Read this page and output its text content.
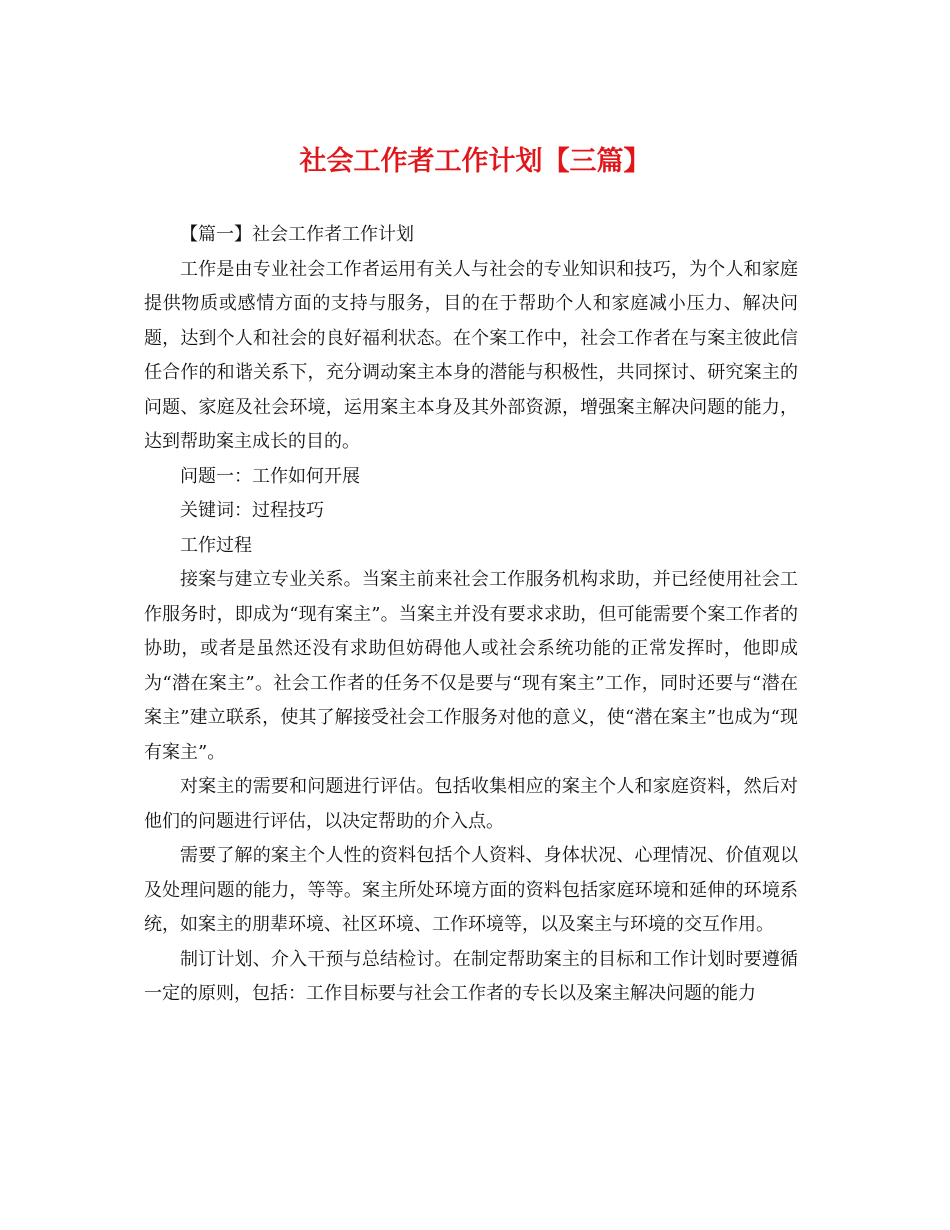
社会工作者工作计划【三篇】

【篇一】社会工作者工作计划

工作是由专业社会工作者运用有关人与社会的专业知识和技巧，为个人和家庭提供物质或感情方面的支持与服务，目的在于帮助个人和家庭减小压力、解决问题，达到个人和社会的良好福利状态。在个案工作中，社会工作者在与案主彼此信任合作的和谐关系下，充分调动案主本身的潜能与积极性，共同探讨、研究案主的问题、家庭及社会环境，运用案主本身及其外部资源，增强案主解决问题的能力，达到帮助案主成长的目的。

问题一：工作如何开展

关键词：过程技巧

工作过程

接案与建立专业关系。当案主前来社会工作服务机构求助，并已经使用社会工作服务时，即成为“现有案主”。当案主并没有要求求助，但可能需要个案工作者的协助，或者是虽然还没有求助但妨碍他人或社会系统功能的正常发挥时，他即成为“潜在案主”。社会工作者的任务不仅是要与“现有案主”工作，同时还要与“潜在案主”建立联系，使其了解接受社会工作服务对他的意义，使“潜在案主”也成为“现有案主”。

对案主的需要和问题进行评估。包括收集相应的案主个人和家庭资料，然后对他们的问题进行评估，以决定帮助的介入点。

需要了解的案主个人性的资料包括个人资料、身体状况、心理情况、价值观以及处理问题的能力，等等。案主所处环境方面的资料包括家庭环境和延伸的环境系统，如案主的朋辈环境、社区环境、工作环境等，以及案主与环境的交互作用。

制订计划、介入干预与总结检讨。在制定帮助案主的目标和工作计划时要遵循一定的原则，包括：工作目标要与社会工作者的专长以及案主解决问题的能力
